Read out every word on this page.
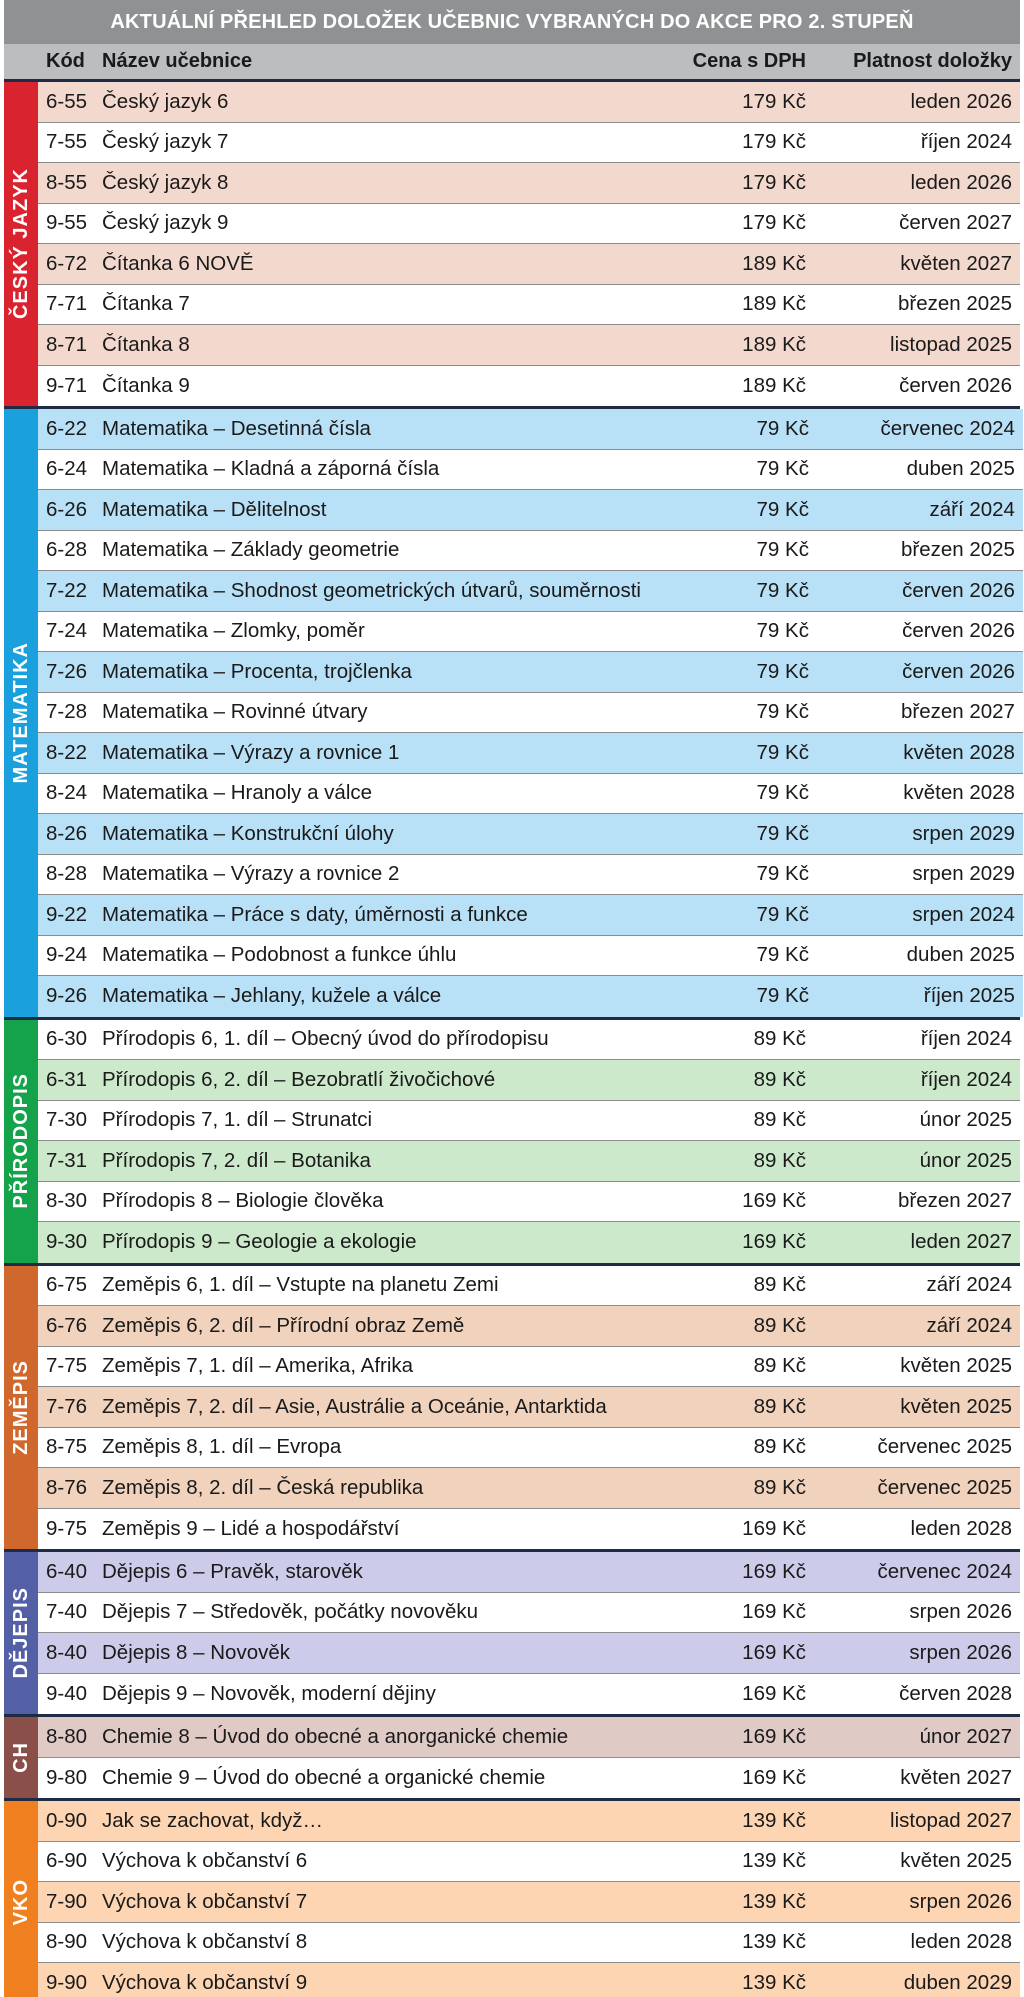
AKTUÁLNÍ PŘEHLED DOLOŽEK UČEBNIC VYBRANÝCH DO AKCE PRO 2. STUPEŇ
Kód Název učebnice	Cena s DPH	Platnost doložky
ČESKÝ JAZYK
6-55 Český jazyk 6	179 Kč	leden 2026
7-55 Český jazyk 7	179 Kč	říjen 2024
8-55 Český jazyk 8	179 Kč	leden 2026
9-55 Český jazyk 9	179 Kč	červen 2027
6-72 Čítanka 6 NOVĚ	189 Kč	květen 2027
7-71 Čítanka 7	189 Kč	březen 2025
8-71 Čítanka 8	189 Kč	listopad 2025
9-71 Čítanka 9	189 Kč	červen 2026
MATEMATIKA
6-22 Matematika – Desetinná čísla	79 Kč	červenec 2024
6-24 Matematika – Kladná a záporná čísla	79 Kč	duben 2025
6-26 Matematika – Dělitelnost	79 Kč	září 2024
6-28 Matematika – Základy geometrie	79 Kč	březen 2025
7-22 Matematika – Shodnost geometrických útvarů, souměrnosti	79 Kč	červen 2026
7-24 Matematika – Zlomky, poměr	79 Kč	červen 2026
7-26 Matematika – Procenta, trojčlenka	79 Kč	červen 2026
7-28 Matematika – Rovinné útvary	79 Kč	březen 2027
8-22 Matematika – Výrazy a rovnice 1	79 Kč	květen 2028
8-24 Matematika – Hranoly a válce	79 Kč	květen 2028
8-26 Matematika – Konstrukční úlohy	79 Kč	srpen 2029
8-28 Matematika – Výrazy a rovnice 2	79 Kč	srpen 2029
9-22 Matematika – Práce s daty, úměrnosti a funkce	79 Kč	srpen 2024
9-24 Matematika – Podobnost a funkce úhlu	79 Kč	duben 2025
9-26 Matematika – Jehlany, kužele a válce	79 Kč	říjen 2025
PŘÍRODOPIS
6-30 Přírodopis 6, 1. díl – Obecný úvod do přírodopisu	89 Kč	říjen 2024
6-31 Přírodopis 6, 2. díl – Bezobratlí živočichové	89 Kč	říjen 2024
7-30 Přírodopis 7, 1. díl – Strunatci	89 Kč	únor 2025
7-31 Přírodopis 7, 2. díl – Botanika	89 Kč	únor 2025
8-30 Přírodopis 8 – Biologie člověka	169 Kč	březen 2027
9-30 Přírodopis 9 – Geologie a ekologie	169 Kč	leden 2027
ZEMĚPIS
6-75 Zeměpis 6, 1. díl – Vstupte na planetu Zemi	89 Kč	září 2024
6-76 Zeměpis 6, 2. díl – Přírodní obraz Země	89 Kč	září 2024
7-75 Zeměpis 7, 1. díl – Amerika, Afrika	89 Kč	květen 2025
7-76 Zeměpis 7, 2. díl – Asie, Austrálie a Oceánie, Antarktida	89 Kč	květen 2025
8-75 Zeměpis 8, 1. díl – Evropa	89 Kč	červenec 2025
8-76 Zeměpis 8, 2. díl – Česká republika	89 Kč	červenec 2025
9-75 Zeměpis 9 – Lidé a hospodářství	169 Kč	leden 2028
DĚJEPIS
6-40 Dějepis 6 – Pravěk, starověk	169 Kč	červenec 2024
7-40 Dějepis 7 – Středověk, počátky novověku	169 Kč	srpen 2026
8-40 Dějepis 8 – Novověk	169 Kč	srpen 2026
9-40 Dějepis 9 – Novověk, moderní dějiny	169 Kč	červen 2028
CH
8-80 Chemie 8 – Úvod do obecné a anorganické chemie	169 Kč	únor 2027
9-80 Chemie 9 – Úvod do obecné a organické chemie	169 Kč	květen 2027
VKO
0-90 Jak se zachovat, když…	139 Kč	listopad 2027
6-90 Výchova k občanství 6	139 Kč	květen 2025
7-90 Výchova k občanství 7	139 Kč	srpen 2026
8-90 Výchova k občanství 8	139 Kč	leden 2028
9-90 Výchova k občanství 9	139 Kč	duben 2029
